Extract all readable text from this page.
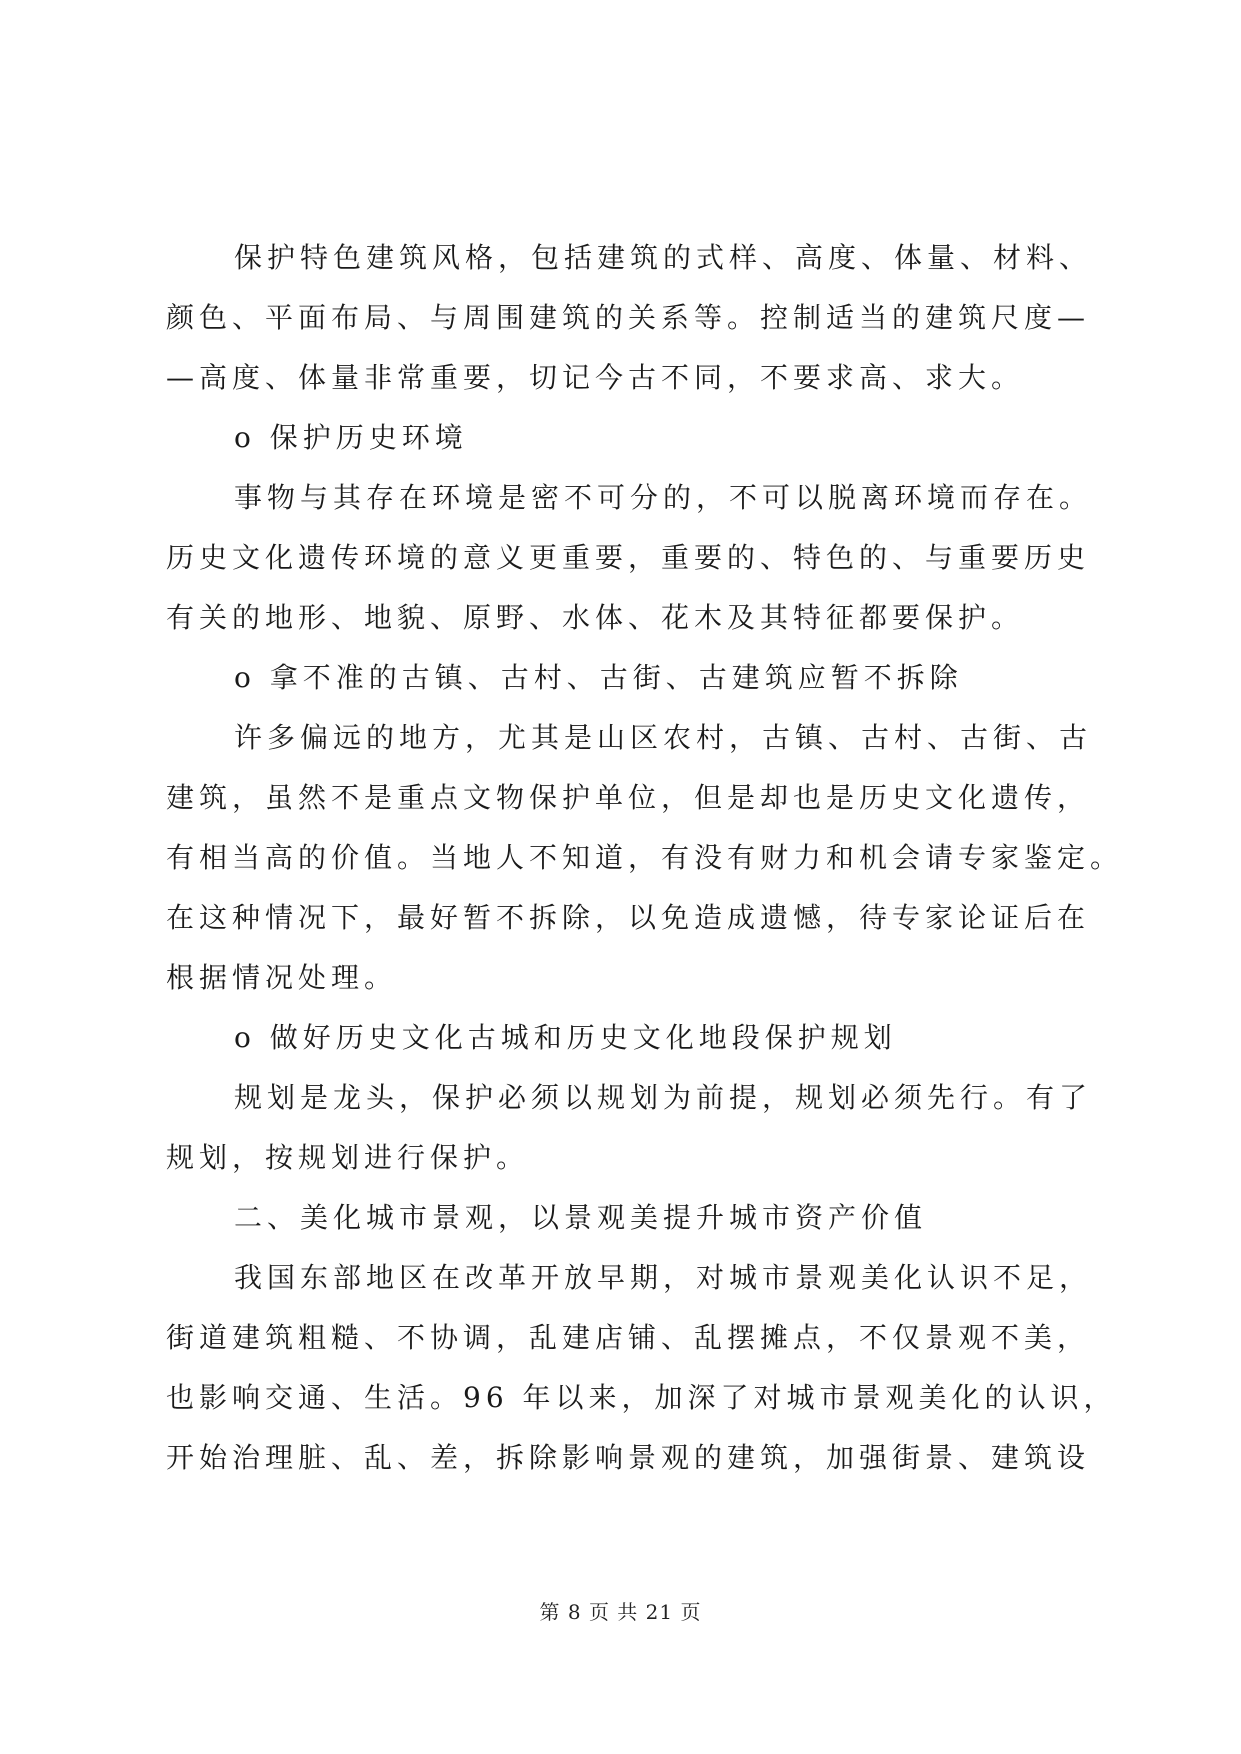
保护特色建筑风格，包括建筑的式样、高度、体量、材料、
颜色、平面布局、与周围建筑的关系等。控制适当的建筑尺度—
—高度、体量非常重要，切记今古不同，不要求高、求大。
o 保护历史环境
事物与其存在环境是密不可分的，不可以脱离环境而存在。
历史文化遗传环境的意义更重要，重要的、特色的、与重要历史
有关的地形、地貌、原野、水体、花木及其特征都要保护。
o 拿不准的古镇、古村、古街、古建筑应暂不拆除
许多偏远的地方，尤其是山区农村，古镇、古村、古街、古
建筑，虽然不是重点文物保护单位，但是却也是历史文化遗传，
有相当高的价值。当地人不知道，有没有财力和机会请专家鉴定。
在这种情况下，最好暂不拆除，以免造成遗憾，待专家论证后在
根据情况处理。
o 做好历史文化古城和历史文化地段保护规划
规划是龙头，保护必须以规划为前提，规划必须先行。有了
规划，按规划进行保护。
二、美化城市景观，以景观美提升城市资产价值
我国东部地区在改革开放早期，对城市景观美化认识不足，
街道建筑粗糙、不协调，乱建店铺、乱摆摊点，不仅景观不美，
也影响交通、生活。96 年以来，加深了对城市景观美化的认识，
开始治理脏、乱、差，拆除影响景观的建筑，加强街景、建筑设
第 8 页 共 21 页
